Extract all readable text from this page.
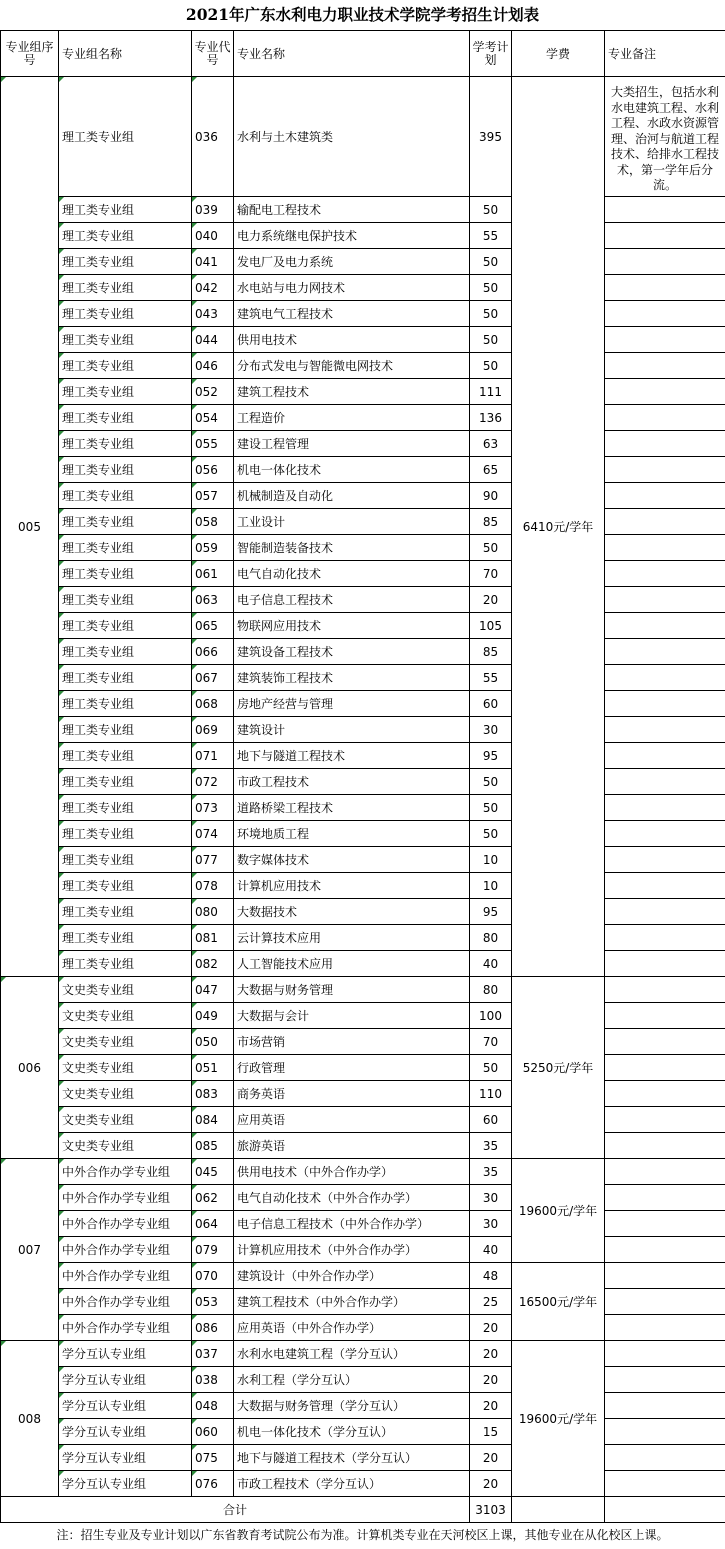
2021年广东水利电力职业技术学院学考招生计划表
专业组序号	专业组名称	专业代号	专业名称	学考计划	学费	专业备注
005	理工类专业组	036	水利与土木建筑类	395	6410元/学年	大类招生，包括水利水电建筑工程、水利工程、水政水资源管理、治河与航道工程技术、给排水工程技术，第一学年后分流。
	理工类专业组	039	输配电工程技术	50		
	理工类专业组	040	电力系统继电保护技术	55		
	理工类专业组	041	发电厂及电力系统	50		
	理工类专业组	042	水电站与电力网技术	50		
	理工类专业组	043	建筑电气工程技术	50		
	理工类专业组	044	供用电技术	50		
	理工类专业组	046	分布式发电与智能微电网技术	50		
	理工类专业组	052	建筑工程技术	111		
	理工类专业组	054	工程造价	136		
	理工类专业组	055	建设工程管理	63		
	理工类专业组	056	机电一体化技术	65		
	理工类专业组	057	机械制造及自动化	90		
	理工类专业组	058	工业设计	85		
	理工类专业组	059	智能制造装备技术	50		
	理工类专业组	061	电气自动化技术	70		
	理工类专业组	063	电子信息工程技术	20		
	理工类专业组	065	物联网应用技术	105		
	理工类专业组	066	建筑设备工程技术	85		
	理工类专业组	067	建筑装饰工程技术	55		
	理工类专业组	068	房地产经营与管理	60		
	理工类专业组	069	建筑设计	30		
	理工类专业组	071	地下与隧道工程技术	95		
	理工类专业组	072	市政工程技术	50		
	理工类专业组	073	道路桥梁工程技术	50		
	理工类专业组	074	环境地质工程	50		
	理工类专业组	077	数字媒体技术	10		
	理工类专业组	078	计算机应用技术	10		
	理工类专业组	080	大数据技术	95		
	理工类专业组	081	云计算技术应用	80		
	理工类专业组	082	人工智能技术应用	40		
006	文史类专业组	047	大数据与财务管理	80	5250元/学年	
	文史类专业组	049	大数据与会计	100		
	文史类专业组	050	市场营销	70		
	文史类专业组	051	行政管理	50		
	文史类专业组	083	商务英语	110		
	文史类专业组	084	应用英语	60		
	文史类专业组	085	旅游英语	35		
007	中外合作办学专业组	045	供用电技术（中外合作办学）	35	19600元/学年	
	中外合作办学专业组	062	电气自动化技术（中外合作办学）	30		
	中外合作办学专业组	064	电子信息工程技术（中外合作办学）	30		
	中外合作办学专业组	079	计算机应用技术（中外合作办学）	40		
	中外合作办学专业组	070	建筑设计（中外合作办学）	48	16500元/学年	
	中外合作办学专业组	053	建筑工程技术（中外合作办学）	25		
	中外合作办学专业组	086	应用英语（中外合作办学）	20		
008	学分互认专业组	037	水利水电建筑工程（学分互认）	20	19600元/学年	
	学分互认专业组	038	水利工程（学分互认）	20		
	学分互认专业组	048	大数据与财务管理（学分互认）	20		
	学分互认专业组	060	机电一体化技术（学分互认）	15		
	学分互认专业组	075	地下与隧道工程技术（学分互认）	20		
	学分互认专业组	076	市政工程技术（学分互认）	20		
合计				3103		
注：招生专业及专业计划以广东省教育考试院公布为准。计算机类专业在天河校区上课，其他专业在从化校区上课。
